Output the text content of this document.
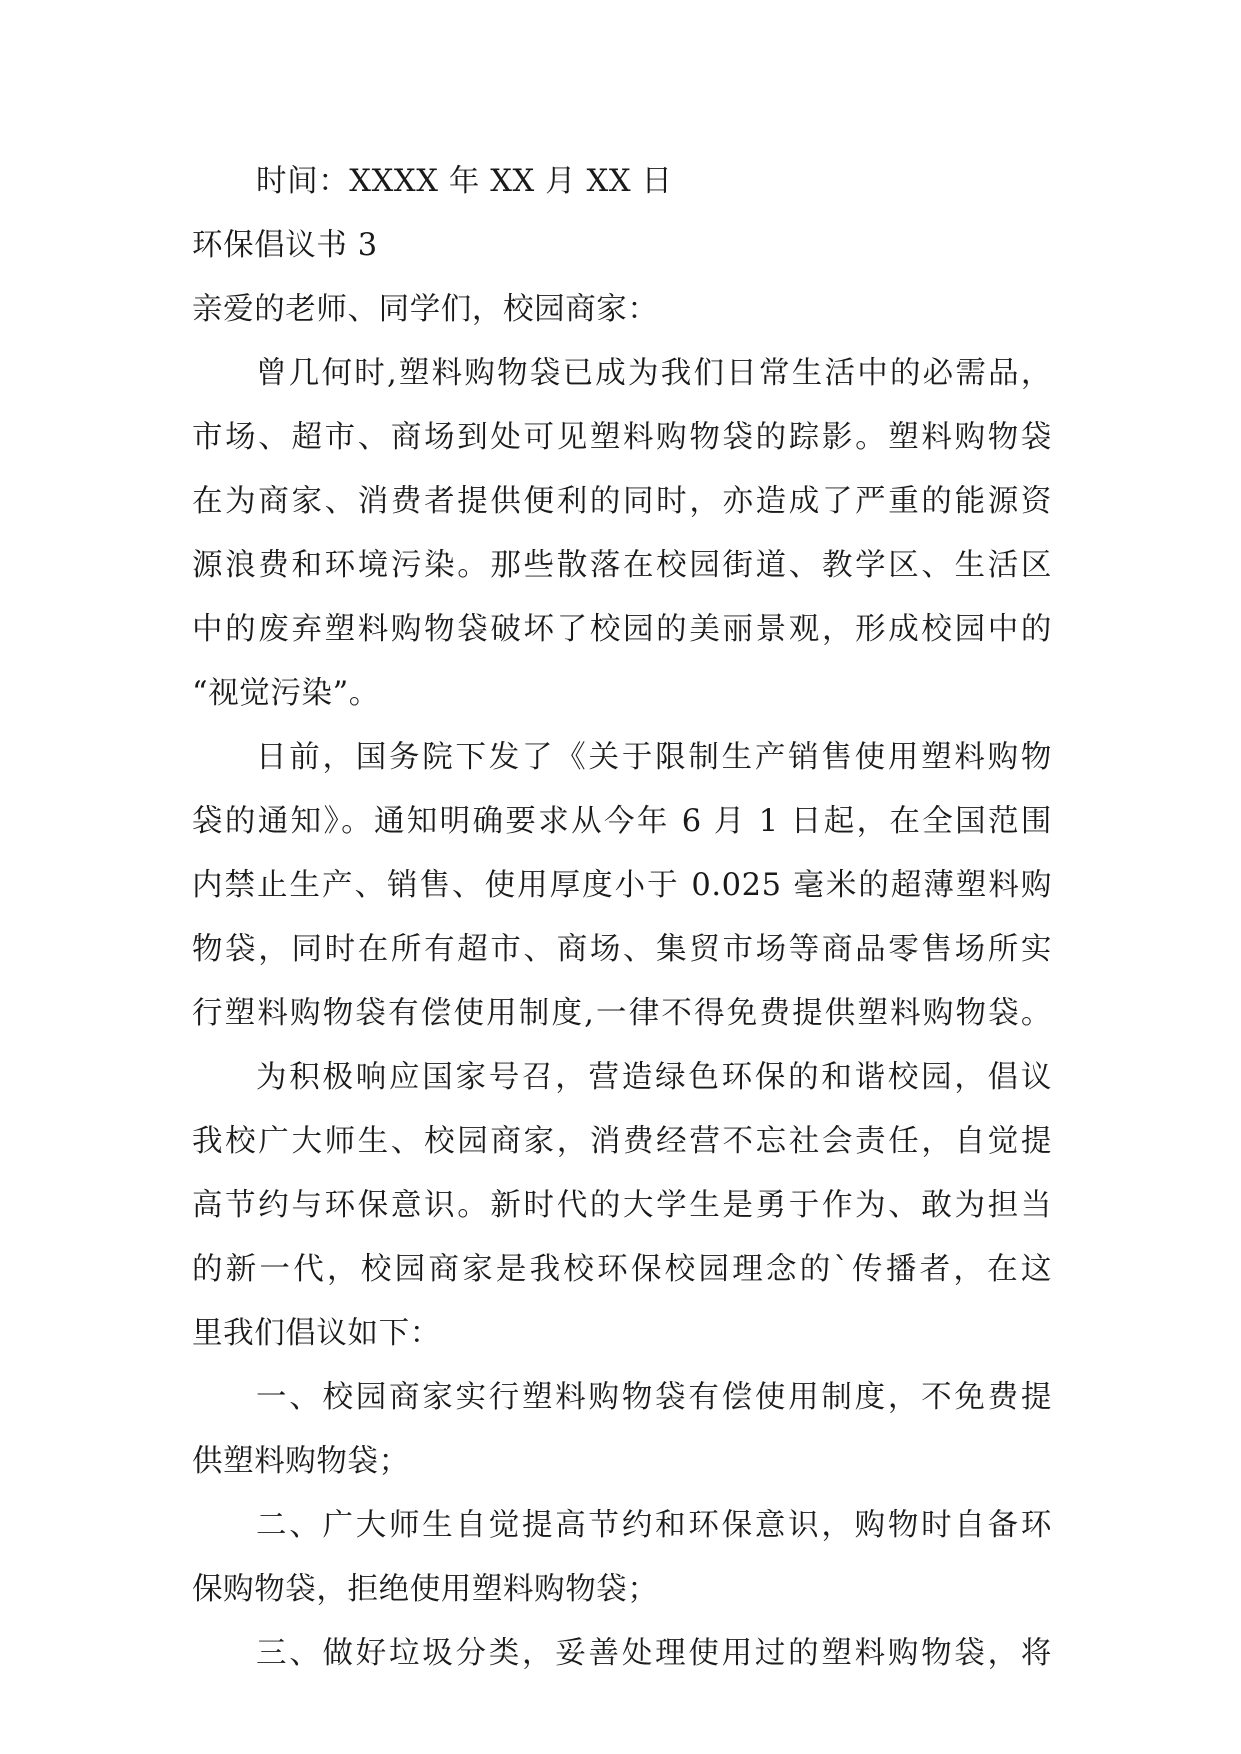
时间：XXXX 年 XX 月 XX 日
环保倡议书 3
亲爱的老师、同学们，校园商家：
曾几何时,塑料购物袋已成为我们日常生活中的必需品，
市场、超市、商场到处可见塑料购物袋的踪影。塑料购物袋
在为商家、消费者提供便利的同时，亦造成了严重的能源资
源浪费和环境污染。那些散落在校园街道、教学区、生活区
中的废弃塑料购物袋破坏了校园的美丽景观，形成校园中的
“视觉污染”。
日前，国务院下发了《关于限制生产销售使用塑料购物
袋的通知》。通知明确要求从今年 6 月 1 日起，在全国范围
内禁止生产、销售、使用厚度小于 0.025 毫米的超薄塑料购
物袋，同时在所有超市、商场、集贸市场等商品零售场所实
行塑料购物袋有偿使用制度,一律不得免费提供塑料购物袋。
为积极响应国家号召，营造绿色环保的和谐校园，倡议
我校广大师生、校园商家，消费经营不忘社会责任，自觉提
高节约与环保意识。新时代的大学生是勇于作为、敢为担当
的新一代，校园商家是我校环保校园理念的`传播者，在这
里我们倡议如下：
一、校园商家实行塑料购物袋有偿使用制度，不免费提
供塑料购物袋；
二、广大师生自觉提高节约和环保意识，购物时自备环
保购物袋，拒绝使用塑料购物袋；
三、做好垃圾分类，妥善处理使用过的塑料购物袋，将
